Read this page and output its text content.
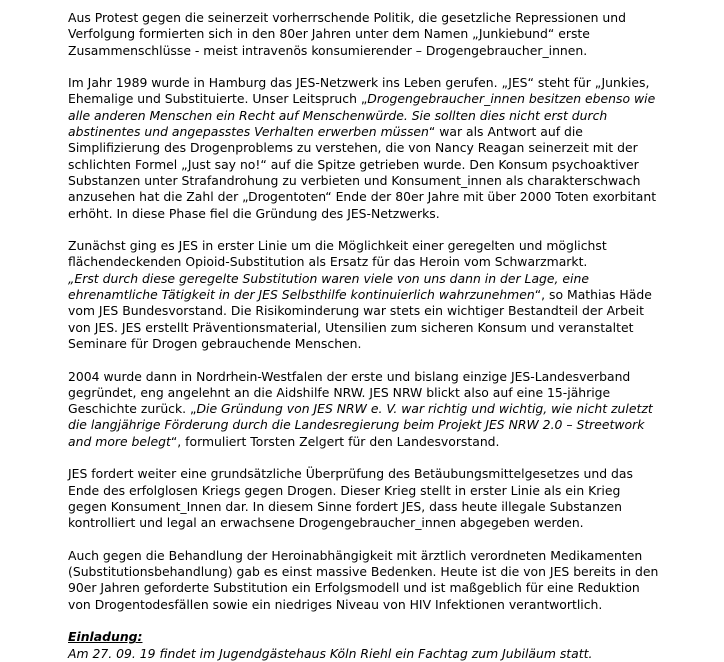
Aus Protest gegen die seinerzeit vorherrschende Politik, die gesetzliche Repressionen und
Verfolgung formierten sich in den 80er Jahren unter dem Namen „Junkiebund“ erste
Zusammenschlüsse - meist intravenös konsumierender – Drogengebraucher_innen.
Im Jahr 1989 wurde in Hamburg das JES-Netzwerk ins Leben gerufen. „JES“ steht für „Junkies,
Ehemalige und Substituierte. Unser Leitspruch „Drogengebraucher_innen besitzen ebenso wie
alle anderen Menschen ein Recht auf Menschenwürde. Sie sollten dies nicht erst durch
abstinentes und angepasstes Verhalten erwerben müssen“ war als Antwort auf die
Simplifizierung des Drogenproblems zu verstehen, die von Nancy Reagan seinerzeit mit der
schlichten Formel „Just say no!“ auf die Spitze getrieben wurde. Den Konsum psychoaktiver
Substanzen unter Strafandrohung zu verbieten und Konsument_innen als charakterschwach
anzusehen hat die Zahl der „Drogentoten“ Ende der 80er Jahre mit über 2000 Toten exorbitant
erhöht. In diese Phase fiel die Gründung des JES-Netzwerks.
Zunächst ging es JES in erster Linie um die Möglichkeit einer geregelten und möglichst
flächendeckenden Opioid-Substitution als Ersatz für das Heroin vom Schwarzmarkt.
„Erst durch diese geregelte Substitution waren viele von uns dann in der Lage, eine
ehrenamtliche Tätigkeit in der JES Selbsthilfe kontinuierlich wahrzunehmen“, so Mathias Häde
vom JES Bundesvorstand. Die Risikominderung war stets ein wichtiger Bestandteil der Arbeit
von JES. JES erstellt Präventionsmaterial, Utensilien zum sicheren Konsum und veranstaltet
Seminare für Drogen gebrauchende Menschen.
2004 wurde dann in Nordrhein-Westfalen der erste und bislang einzige JES-Landesverband
gegründet, eng angelehnt an die Aidshilfe NRW. JES NRW blickt also auf eine 15-jährige
Geschichte zurück. „Die Gründung von JES NRW e. V. war richtig und wichtig, wie nicht zuletzt
die langjährige Förderung durch die Landesregierung beim Projekt JES NRW 2.0 – Streetwork
and more belegt“, formuliert Torsten Zelgert für den Landesvorstand.
JES fordert weiter eine grundsätzliche Überprüfung des Betäubungsmittelgesetzes und das
Ende des erfolglosen Kriegs gegen Drogen. Dieser Krieg stellt in erster Linie als ein Krieg
gegen Konsument_Innen dar. In diesem Sinne fordert JES, dass heute illegale Substanzen
kontrolliert und legal an erwachsene Drogengebraucher_innen abgegeben werden.
Auch gegen die Behandlung der Heroinabhängigkeit mit ärztlich verordneten Medikamenten
(Substitutionsbehandlung) gab es einst massive Bedenken. Heute ist die von JES bereits in den
90er Jahren geforderte Substitution ein Erfolgsmodell und ist maßgeblich für eine Reduktion
von Drogentodesfällen sowie ein niedriges Niveau von HIV Infektionen verantwortlich.
Einladung:
Am 27. 09. 19 findet im Jugendgästehaus Köln Riehl ein Fachtag zum Jubiläum statt.
